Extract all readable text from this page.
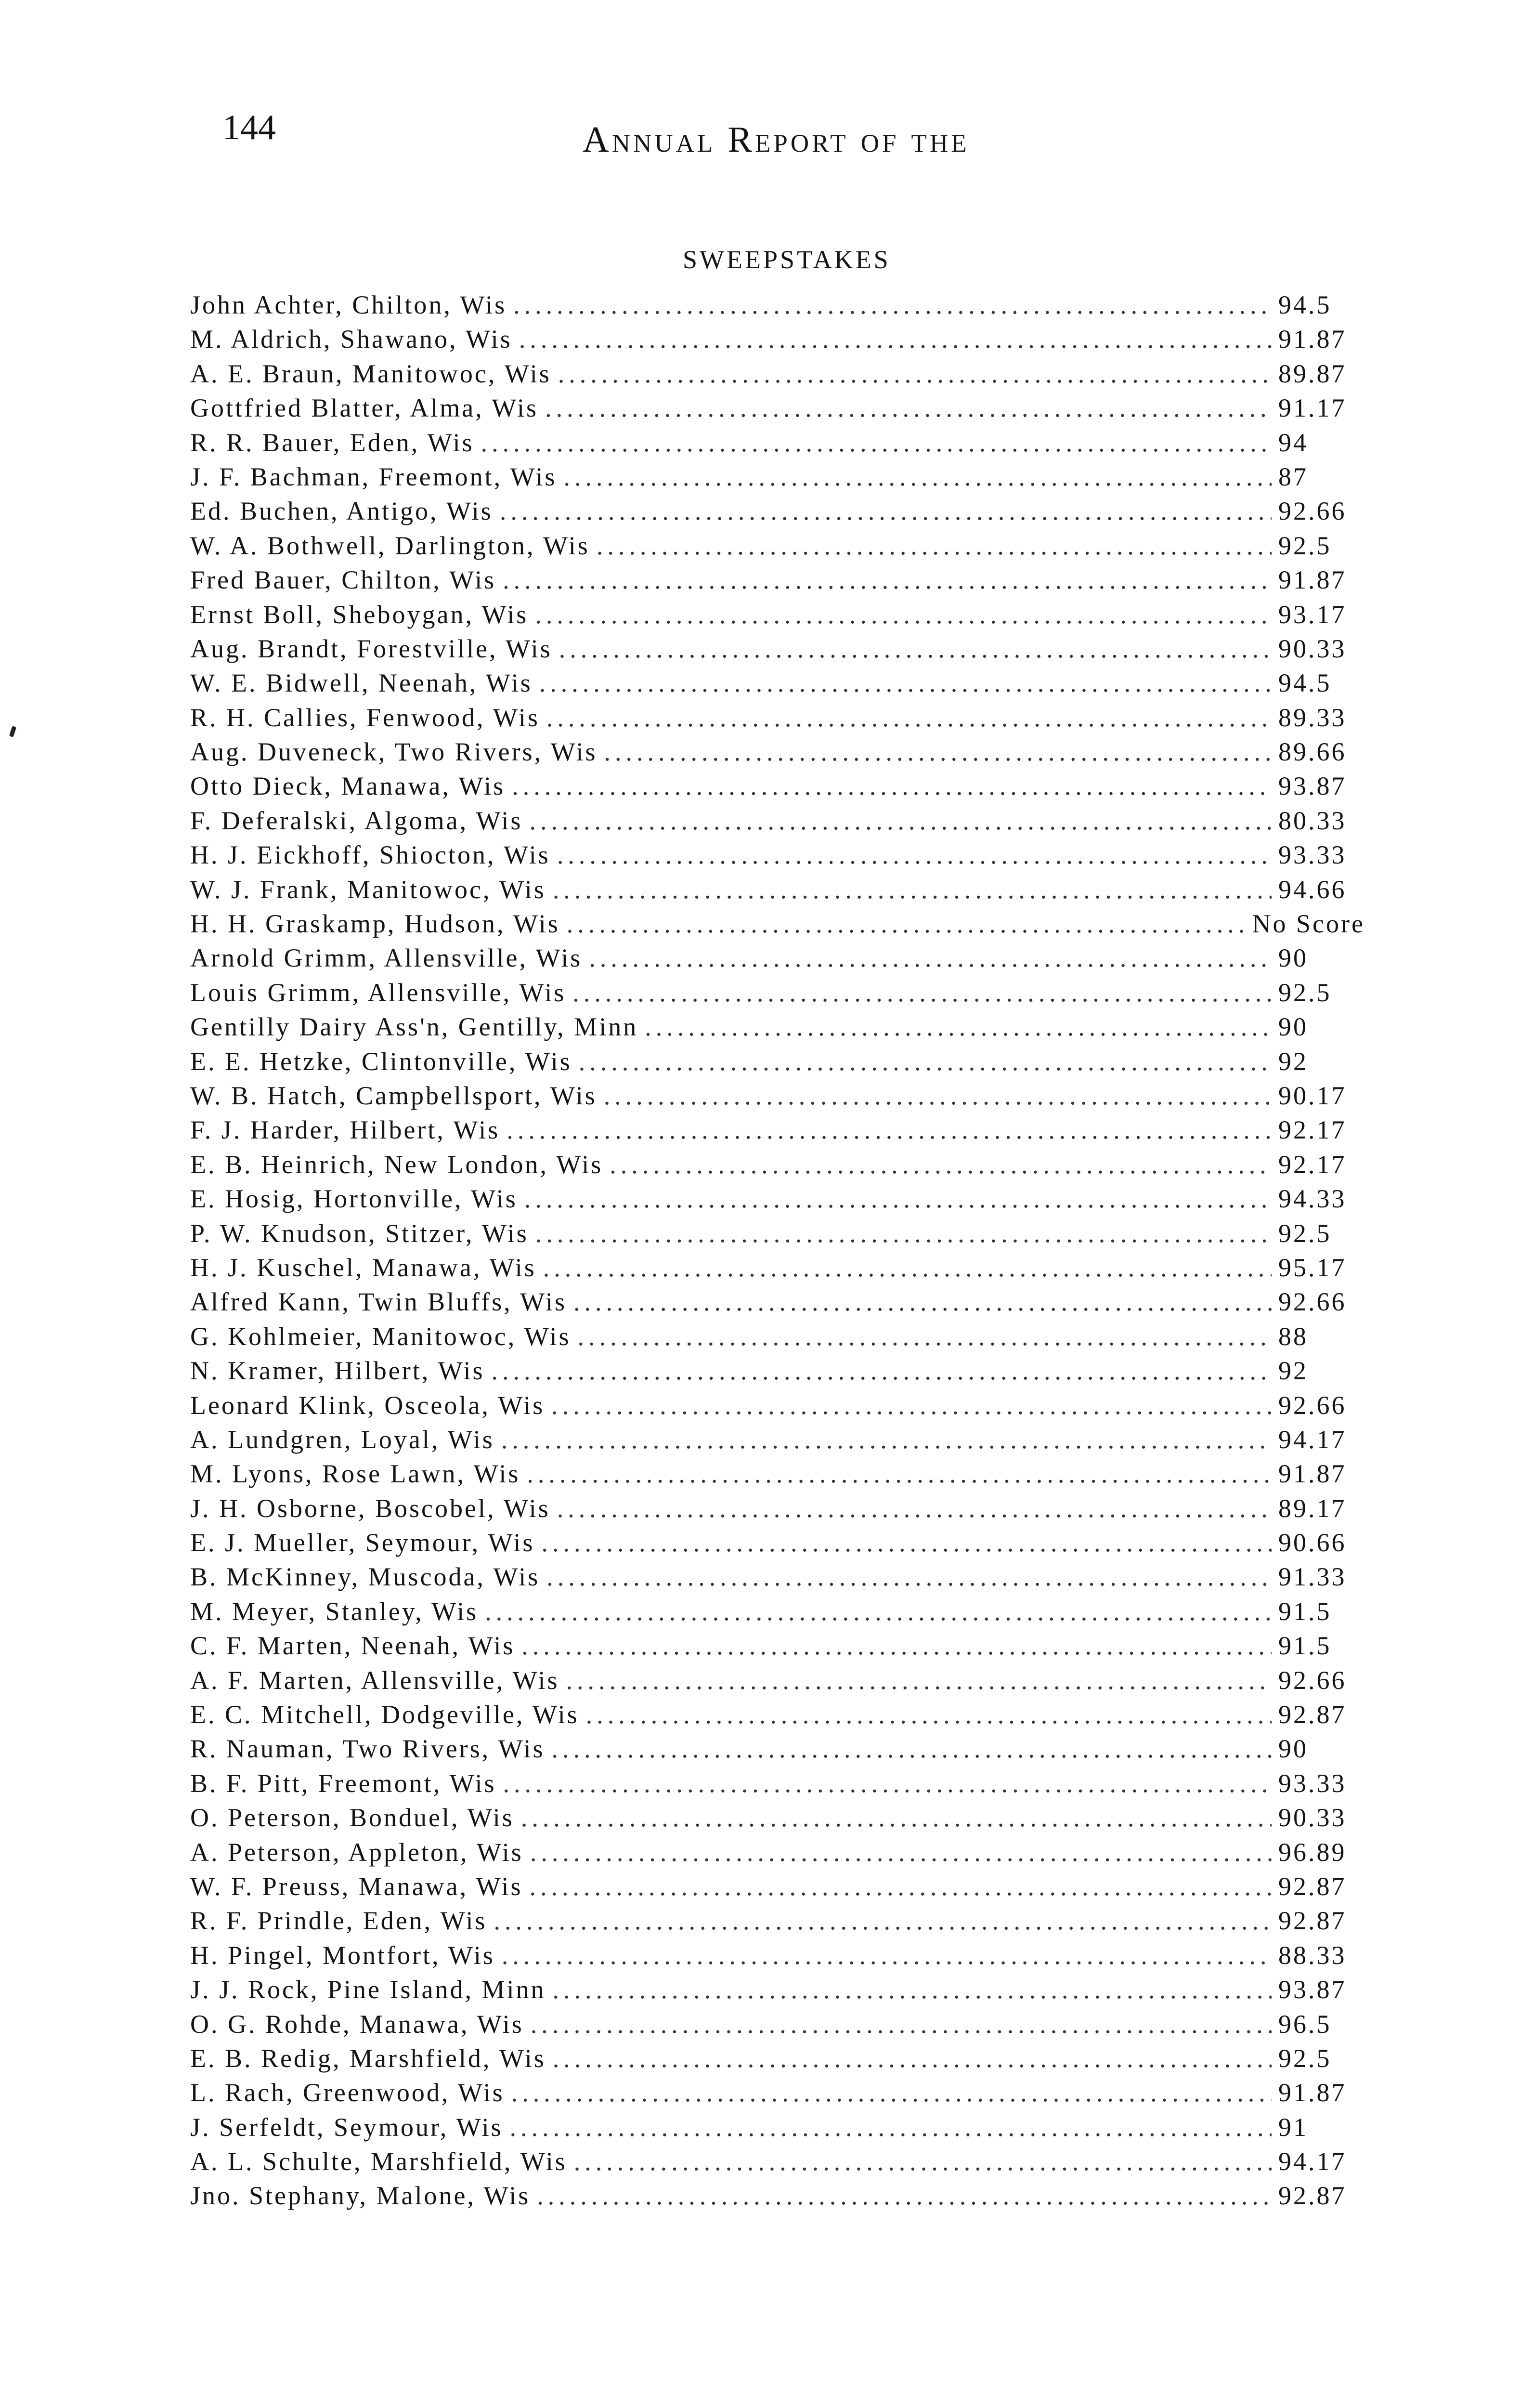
144	Annual Report of the
SWEEPSTAKES
John Achter, Chilton, Wis .....	94.5
M. Aldrich, Shawano, Wis .....	91.87
A. E. Braun, Manitowoc, Wis .....	89.87
Gottfried Blatter, Alma, Wis .....	91.17
R. R. Bauer, Eden, Wis .....	94
J. F. Bachman, Freemont, Wis .....	87
Ed. Buchen, Antigo, Wis .....	92.66
W. A. Bothwell, Darlington, Wis .....	92.5
Fred Bauer, Chilton, Wis .....	91.87
Ernst Boll, Sheboygan, Wis .....	93.17
Aug. Brandt, Forestville, Wis .....	90.33
W. E. Bidwell, Neenah, Wis .....	94.5
R. H. Callies, Fenwood, Wis .....	89.33
Aug. Duveneck, Two Rivers, Wis .....	89.66
Otto Dieck, Manawa, Wis .....	93.87
F. Deferalski, Algoma, Wis .....	80.33
H. J. Eickhoff, Shiocton, Wis .....	93.33
W. J. Frank, Manitowoc, Wis .....	94.66
H. H. Graskamp, Hudson, Wis .....	No Score
Arnold Grimm, Allensville, Wis .....	90
Louis Grimm, Allensville, Wis .....	92.5
Gentilly Dairy Ass'n, Gentilly, Minn .....	90
E. E. Hetzke, Clintonville, Wis .....	92
W. B. Hatch, Campbellsport, Wis .....	90.17
F. J. Harder, Hilbert, Wis .....	92.17
E. B. Heinrich, New London, Wis .....	92.17
E. Hosig, Hortonville, Wis .....	94.33
P. W. Knudson, Stitzer, Wis .....	92.5
H. J. Kuschel, Manawa, Wis .....	95.17
Alfred Kann, Twin Bluffs, Wis .....	92.66
G. Kohlmeier, Manitowoc, Wis .....	88
N. Kramer, Hilbert, Wis .....	92
Leonard Klink, Osceola, Wis .....	92.66
A. Lundgren, Loyal, Wis .....	94.17
M. Lyons, Rose Lawn, Wis .....	91.87
J. H. Osborne, Boscobel, Wis .....	89.17
E. J. Mueller, Seymour, Wis .....	90.66
B. McKinney, Muscoda, Wis .....	91.33
M. Meyer, Stanley, Wis .....	91.5
C. F. Marten, Neenah, Wis .....	91.5
A. F. Marten, Allensville, Wis .....	92.66
E. C. Mitchell, Dodgeville, Wis .....	92.87
R. Nauman, Two Rivers, Wis .....	90
B. F. Pitt, Freemont, Wis .....	93.33
O. Peterson, Bonduel, Wis .....	90.33
A. Peterson, Appleton, Wis .....	96.89
W. F. Preuss, Manawa, Wis .....	92.87
R. F. Prindle, Eden, Wis .....	92.87
H. Pingel, Montfort, Wis .....	88.33
J. J. Rock, Pine Island, Minn .....	93.87
O. G. Rohde, Manawa, Wis .....	96.5
E. B. Redig, Marshfield, Wis .....	92.5
L. Rach, Greenwood, Wis .....	91.87
J. Serfeldt, Seymour, Wis .....	91
A. L. Schulte, Marshfield, Wis .....	94.17
Jno. Stephany, Malone, Wis .....	92.87
